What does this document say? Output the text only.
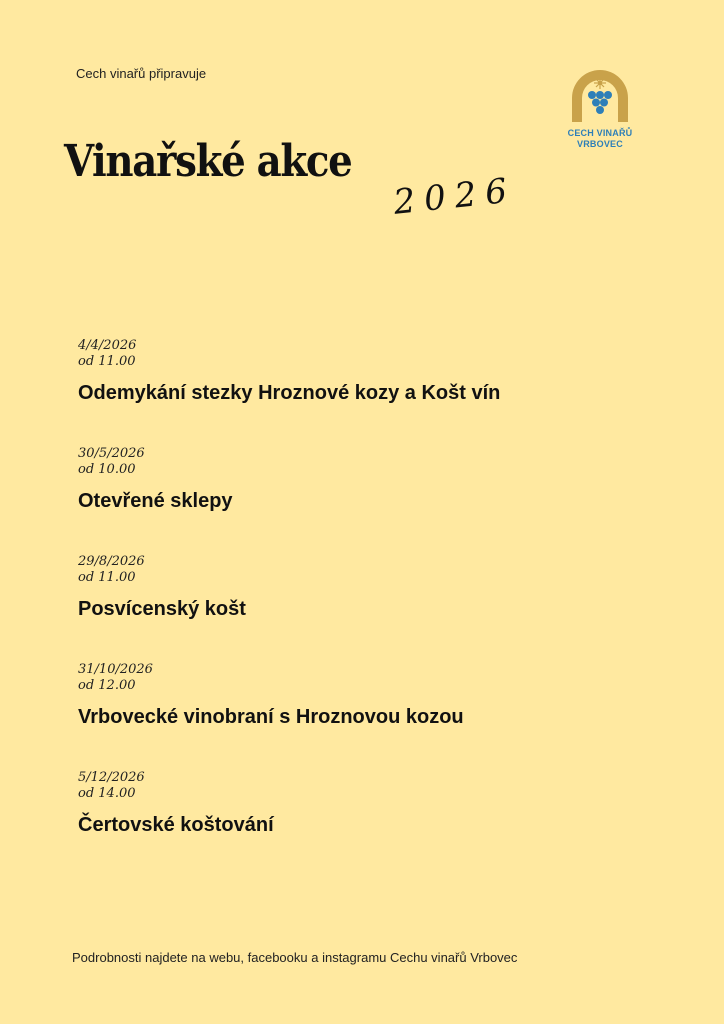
Cech vinařů připravuje
Vinařské akce
2026
CECH VINAŘŮ
VRBOVEC
4/4/2026
od 11.00
Odemykání stezky Hroznové kozy a Košt vín
30/5/2026
od 10.00
Otevřené sklepy
29/8/2026
od 11.00
Posvícenský košt
31/10/2026
od 12.00
Vrbovecké vinobraní s Hroznovou kozou
5/12/2026
od 14.00
Čertovské koštování
Podrobnosti najdete na webu, facebooku a instagramu Cechu vinařů Vrbovec
